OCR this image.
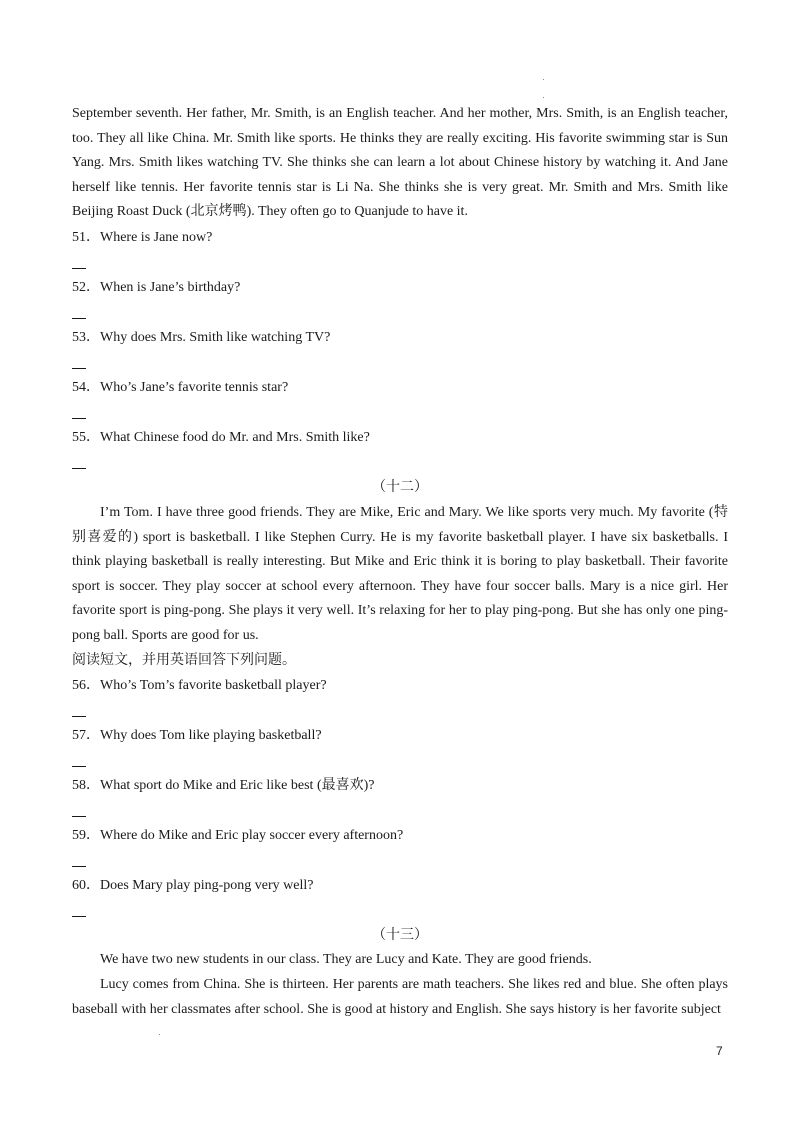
September seventh. Her father, Mr. Smith, is an English teacher. And her mother, Mrs. Smith, is an English teacher, too. They all like China. Mr. Smith like sports. He thinks they are really exciting. His favorite swimming star is Sun Yang. Mrs. Smith likes watching TV. She thinks she can learn a lot about Chinese history by watching it. And Jane herself like tennis. Her favorite tennis star is Li Na. She thinks she is very great. Mr. Smith and Mrs. Smith like Beijing Roast Duck (北京烤鸭). They often go to Quanjude to have it.

51．Where is Jane now?

52．When is Jane’s birthday?

53．Why does Mrs. Smith like watching TV?

54．Who’s Jane’s favorite tennis star?

55．What Chinese food do Mr. and Mrs. Smith like?

（十二）

I’m Tom. I have three good friends. They are Mike, Eric and Mary. We like sports very much. My favorite (特别喜爱的) sport is basketball. I like Stephen Curry. He is my favorite basketball player. I have six basketballs. I think playing basketball is really interesting. But Mike and Eric think it is boring to play basketball. Their favorite sport is soccer. They play soccer at school every afternoon. They have four soccer balls. Mary is a nice girl. Her favorite sport is ping-pong. She plays it very well. It’s relaxing for her to play ping-pong. But she has only one ping-pong ball. Sports are good for us.

阅读短文，并用英语回答下列问题。

56．Who’s Tom’s favorite basketball player?

57．Why does Tom like playing basketball?

58．What sport do Mike and Eric like best (最喜欢)?

59．Where do Mike and Eric play soccer every afternoon?

60．Does Mary play ping-pong very well?

（十三）

We have two new students in our class. They are Lucy and Kate. They are good friends.

Lucy comes from China. She is thirteen. Her parents are math teachers. She likes red and blue. She often plays baseball with her classmates after school. She is good at history and English. She says history is her favorite subject

7
